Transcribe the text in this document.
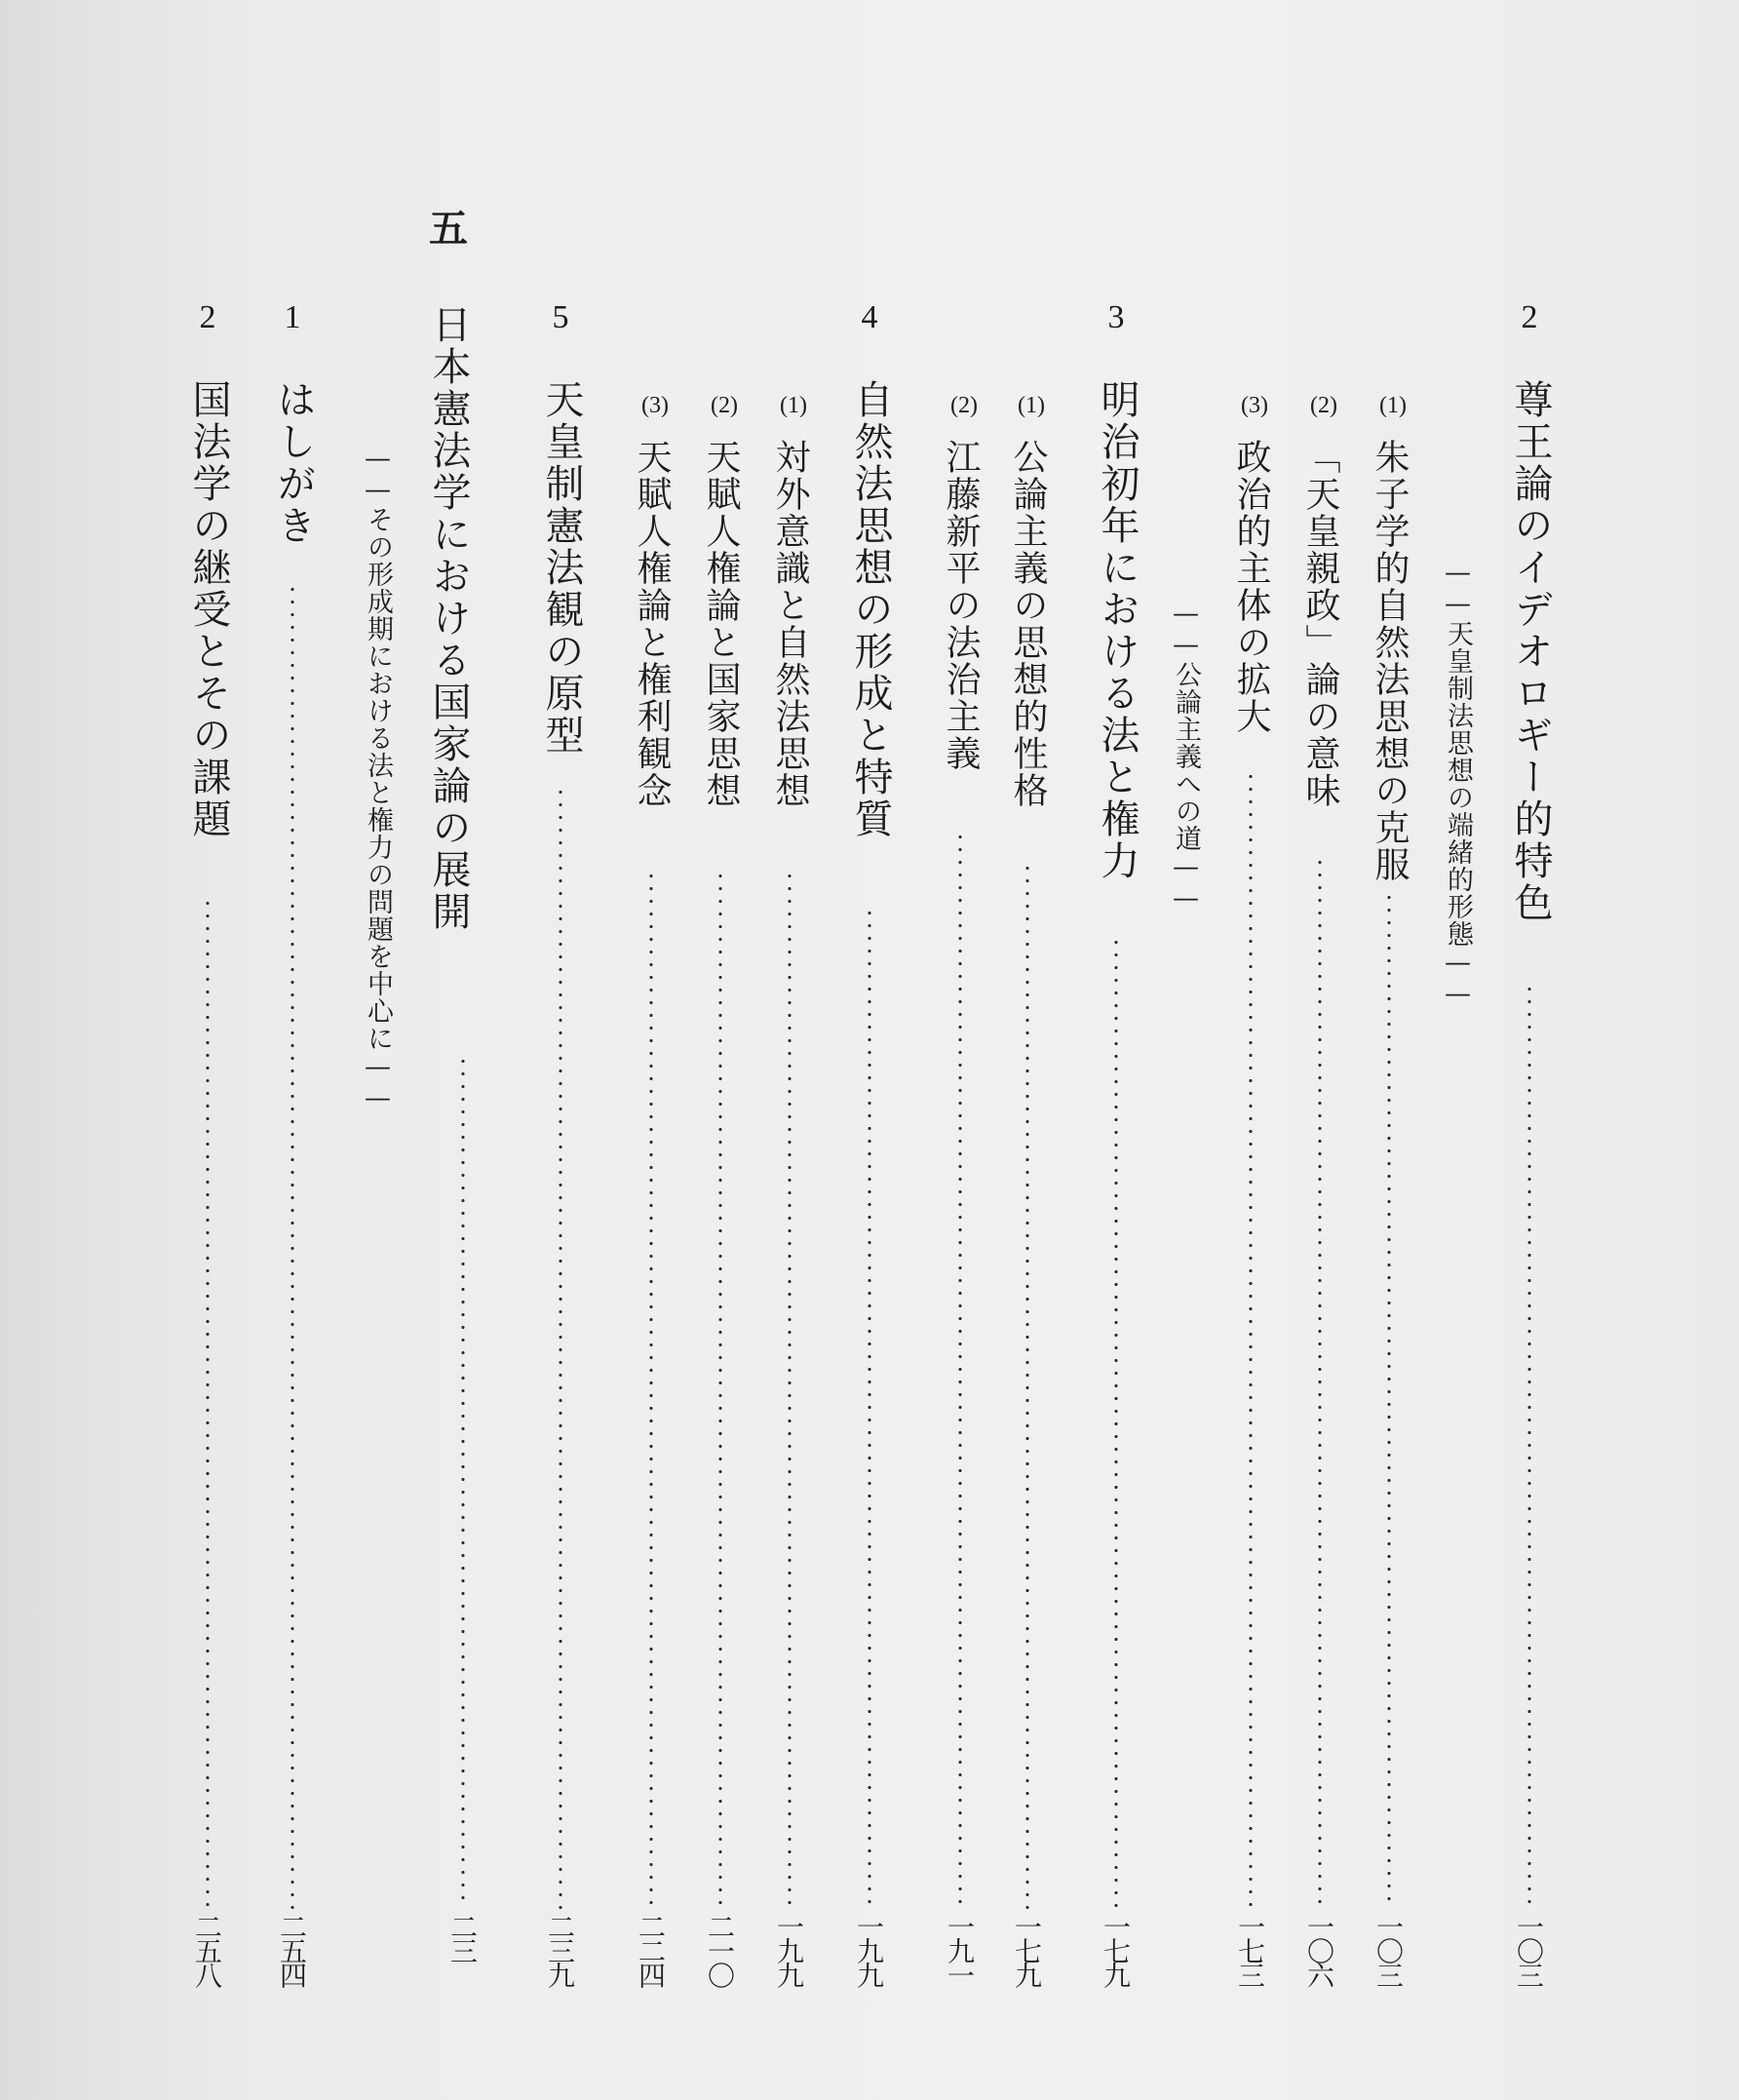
2
尊王論のイデオロギー的特色
——天皇制法思想の端緒的形態——
一〇三
(1)
朱子学的自然法思想の克服
一〇三
(2)
「天皇親政」論の意味
一〇六
(3)
政治的主体の拡大
一七三
3
明治初年における法と権力 ——公論主義への道——
一七九
(1)
公論主義の思想的性格
一七九
(2)
江藤新平の法治主義
一九一
4
自然法思想の形成と特質
一九九
(1)
対外意識と自然法思想
一九九
(2)
天賦人権論と国家思想
二一〇
(3)
天賦人権論と権利観念
二二四
5
天皇制憲法観の原型
二三九
五
日本憲法学における国家論の展開
——その形成期における法と権力の問題を中心に——
二三
1
はしがき
二五四
2
国法学の継受とその課題
二五八
